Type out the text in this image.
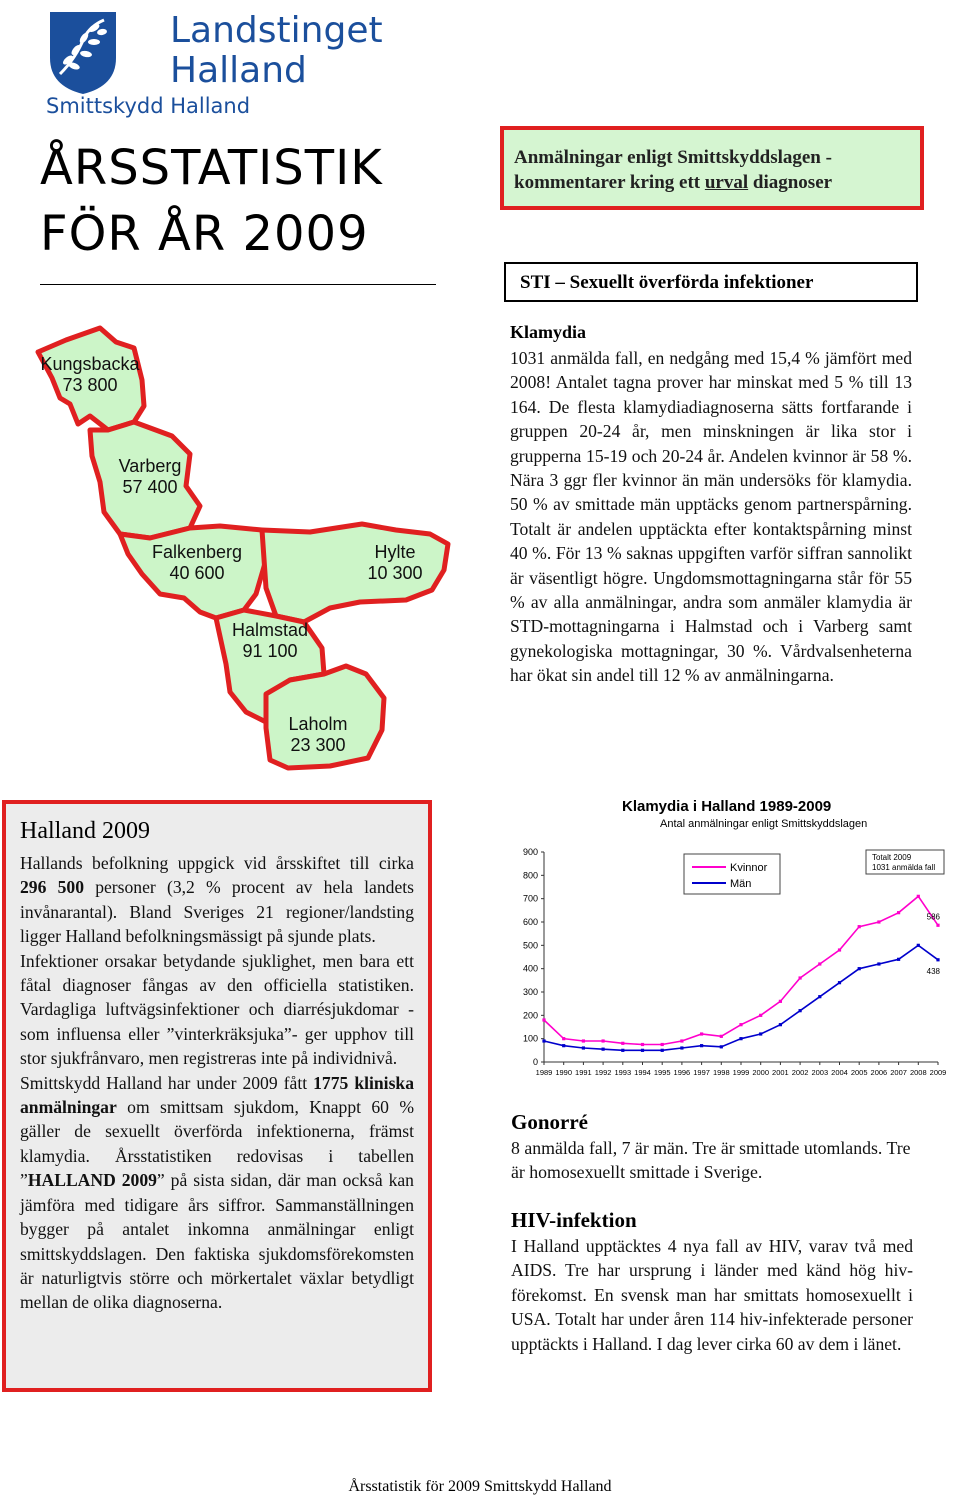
Landstinget
Halland
Smittskydd Halland
ÅRSSTATISTIK
FÖR ÅR 2009
Anmälningar enligt Smittskyddslagen -
kommentarer kring ett urval diagnoser
STI – Sexuellt överförda infektioner
Kungsbacka
73 800
Varberg
57 400
Falkenberg
40 600
Hylte
10 300
Halmstad
91 100
Laholm
23 300
Klamydia
1031 anmälda fall, en nedgång med 15,4 % jämfört med 2008! Antalet tagna prover har minskat med 5 % till 13 164. De flesta klamydiadiagnoserna sätts fortfarande i gruppen 20-24 år, men minskningen är lika stor i grupperna 15-19 och 20-24 år. Andelen kvinnor är 58 %. Nära 3 ggr fler kvinnor än män undersöks för klamydia. 50 % av smittade män upptäcks genom partnerspårning. Totalt är andelen upptäckta efter kontaktspårning minst 40 %. För 13 % saknas uppgiften varför siffran sannolikt är väsentligt högre. Ungdomsmottagningarna står för 55 % av alla anmälningar, andra som anmäler klamydia är STD-mottagningarna i Halmstad och i Varberg samt gynekologiska mottagningar, 30 %. Vårdvalsenheterna har ökat sin andel till 12 % av anmälningarna.
Halland 2009

Hallands befolkning uppgick vid årsskiftet till cirka 296 500 personer (3,2 % procent av hela landets invånarantal). Bland Sveriges 21 regioner/landsting ligger Halland befolkningsmässigt på sjunde plats.

Infektioner orsakar betydande sjuklighet, men bara ett fåtal diagnoser fångas av den officiella statistiken. Vardagliga luftvägsinfektioner och diarrésjukdomar - som influensa eller ”vinterkräksjuka”- ger upphov till stor sjukfrånvaro, men registreras inte på individnivå.

Smittskydd Halland har under 2009 fått 1775 kliniska anmälningar om smittsam sjukdom, Knappt 60 % gäller de sexuellt överförda infektionerna, främst klamydia. Årsstatistiken redovisas i tabellen ”HALLAND 2009” på sista sidan, där man också kan jämföra med tidigare års siffror. Sammanställningen bygger på antalet inkomna anmälningar enligt smittskyddslagen. Den faktiska sjukdomsförekomsten är naturligtvis större och mörkertalet växlar betydligt mellan de olika diagnoserna.

Klamydia i Halland 1989-2009
Antal anmälningar enligt Smittskyddslagen
0
100
200
300
400
500
600
700
800
900
1989 1990 1991 1992 1993 1994 1995 1996 1997 1998 1999 2000 2001 2002 2003 2004 2005 2006 2007 2008 2009
586
438
Kvinnor
Män
Totalt 2009
1031 anmälda fall
Gonorré
8 anmälda fall, 7 är män. Tre är smittade utomlands. Tre är homosexuellt smittade i Sverige.
HIV-infektion
I Halland upptäcktes 4 nya fall av HIV, varav två med AIDS. Tre har ursprung i länder med känd hög hiv-förekomst. En svensk man har smittats homosexuellt i USA. Totalt har under åren 114 hiv-infekterade personer upptäckts i Halland. I dag lever cirka 60 av dem i länet.
Årsstatistik för 2009 Smittskydd Halland
